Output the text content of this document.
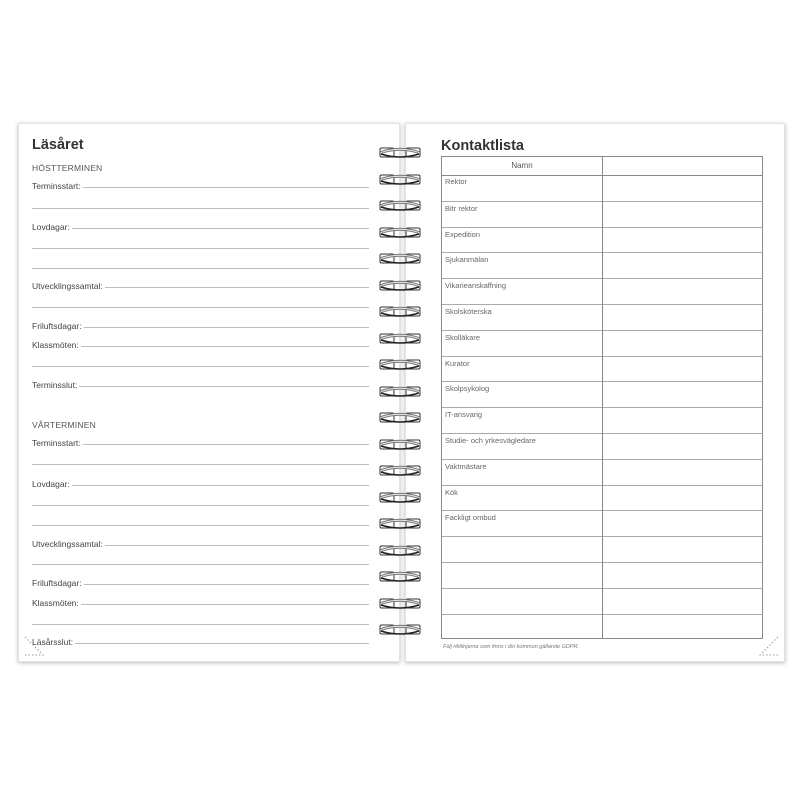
Läsåret
HÖSTTERMINEN
Terminsstart:
Lovdagar:
Utvecklingssamtal:
Friluftsdagar:
Klassmöten:
Terminsslut:
VÅRTERMINEN
Terminsstart:
Lovdagar:
Utvecklingssamtal:
Friluftsdagar:
Klassmöten:
Läsårsslut:
Kontaktlista
Namn
Rektor
Bitr rektor
Expedition
Sjukanmälan
Vikarieanskaffning
Skolsköterska
Skolläkare
Kurator
Skolpsykolog
IT-ansvarig
Studie- och yrkesvägledare
Vaktmästare
Kök
Fackligt ombud
Följ riktlinjerna som finns i din kommun gällande GDPR.
